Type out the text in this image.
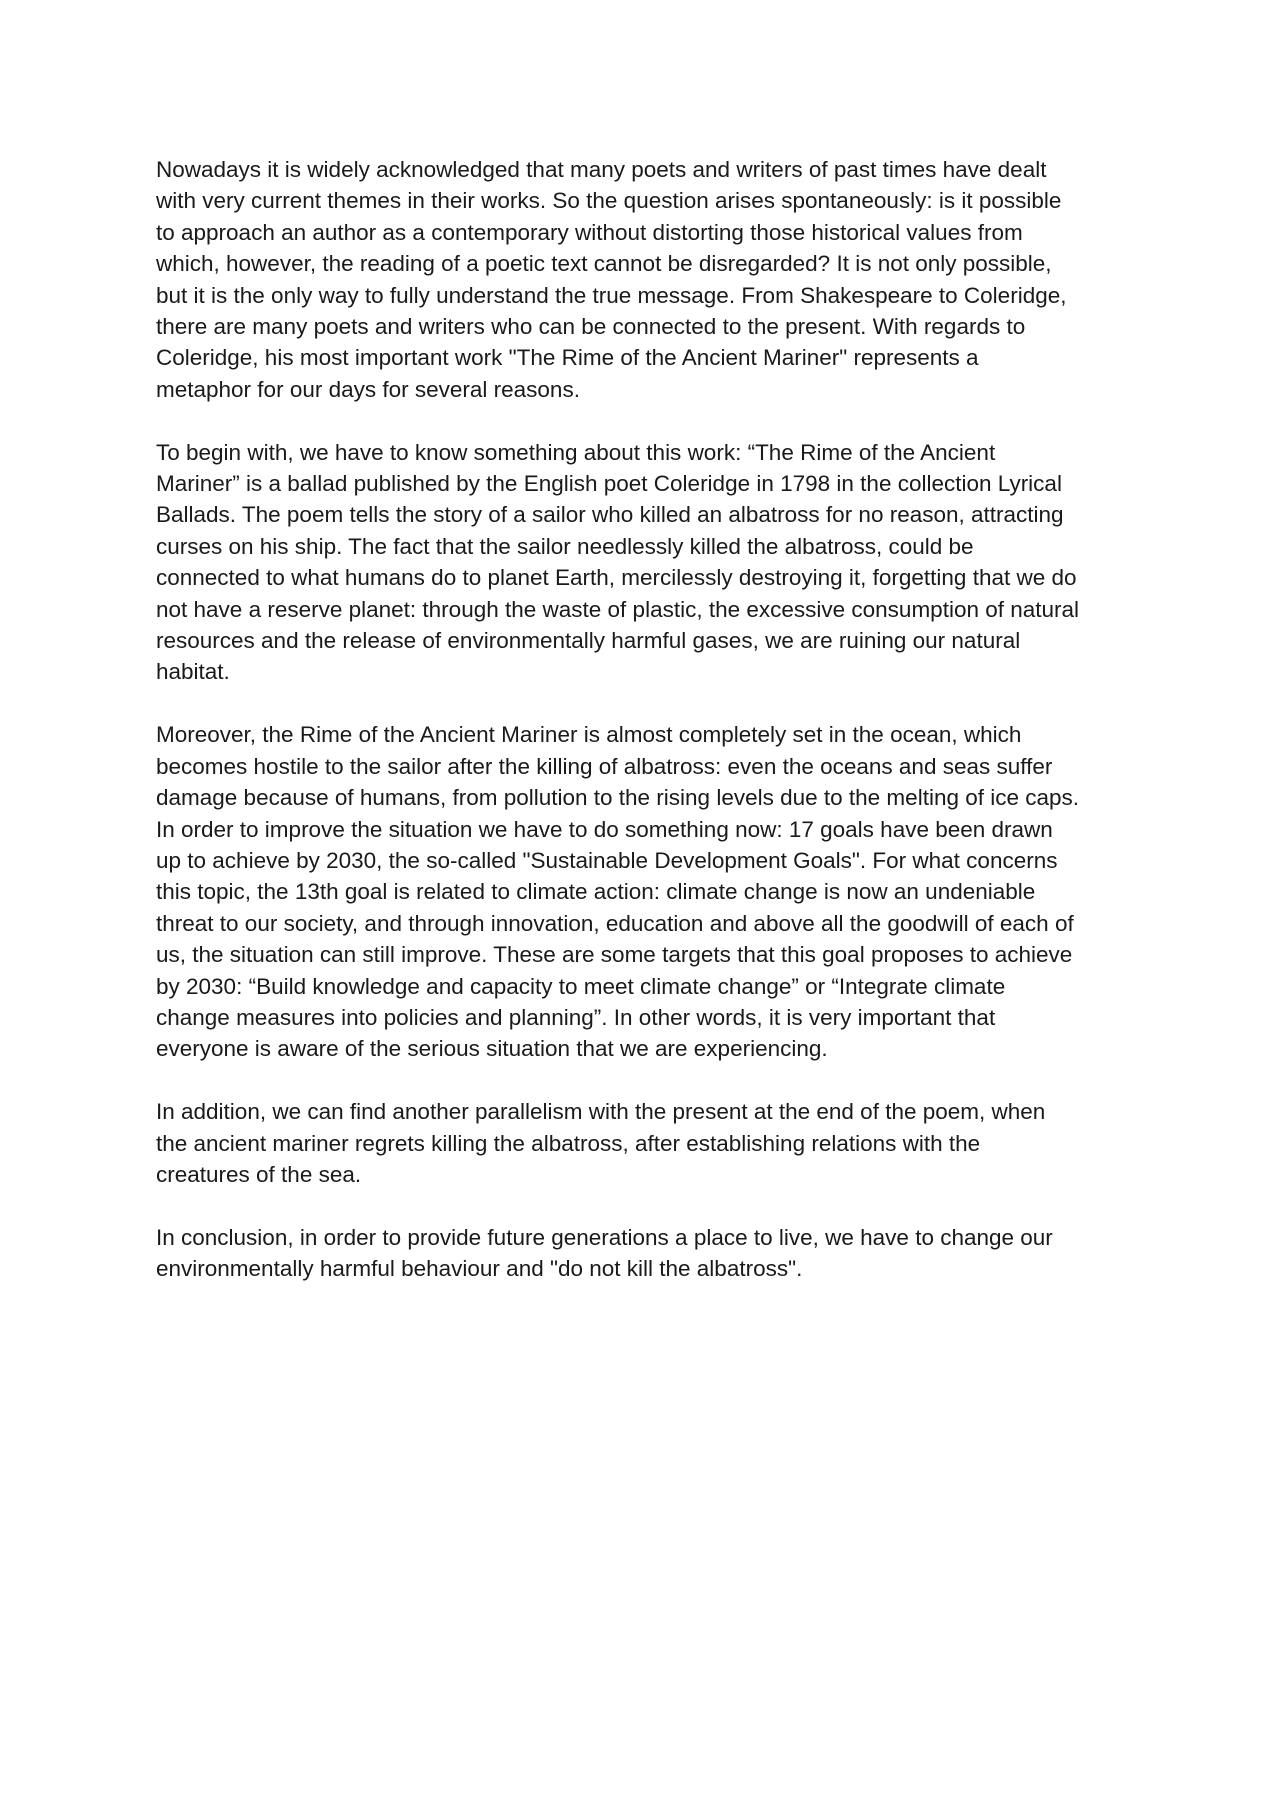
Nowadays it is widely acknowledged that many poets and writers of past times have dealt
with very current themes in their works. So the question arises spontaneously: is it possible
to approach an author as a contemporary without distorting those historical values from
which, however, the reading of a poetic text cannot be disregarded? It is not only possible,
but it is the only way to fully understand the true message. From Shakespeare to Coleridge,
there are many poets and writers who can be connected to the present. With regards to
Coleridge, his most important work "The Rime of the Ancient Mariner" represents a
metaphor for our days for several reasons.

To begin with, we have to know something about this work: “The Rime of the Ancient
Mariner” is a ballad published by the English poet Coleridge in 1798 in the collection Lyrical
Ballads. The poem tells the story of a sailor who killed an albatross for no reason, attracting
curses on his ship. The fact that the sailor needlessly killed the albatross, could be
connected to what humans do to planet Earth, mercilessly destroying it, forgetting that we do
not have a reserve planet: through the waste of plastic, the excessive consumption of natural
resources and the release of environmentally harmful gases, we are ruining our natural
habitat.

Moreover, the Rime of the Ancient Mariner is almost completely set in the ocean, which
becomes hostile to the sailor after the killing of albatross: even the oceans and seas suffer
damage because of humans, from pollution to the rising levels due to the melting of ice caps.
In order to improve the situation we have to do something now: 17 goals have been drawn
up to achieve by 2030, the so-called "Sustainable Development Goals". For what concerns
this topic, the 13th goal is related to climate action: climate change is now an undeniable
threat to our society, and through innovation, education and above all the goodwill of each of
us, the situation can still improve. These are some targets that this goal proposes to achieve
by 2030: “Build knowledge and capacity to meet climate change” or “Integrate climate
change measures into policies and planning”. In other words, it is very important that
everyone is aware of the serious situation that we are experiencing.

In addition, we can find another parallelism with the present at the end of the poem, when
the ancient mariner regrets killing the albatross, after establishing relations with the
creatures of the sea.

In conclusion, in order to provide future generations a place to live, we have to change our
environmentally harmful behaviour and "do not kill the albatross".
